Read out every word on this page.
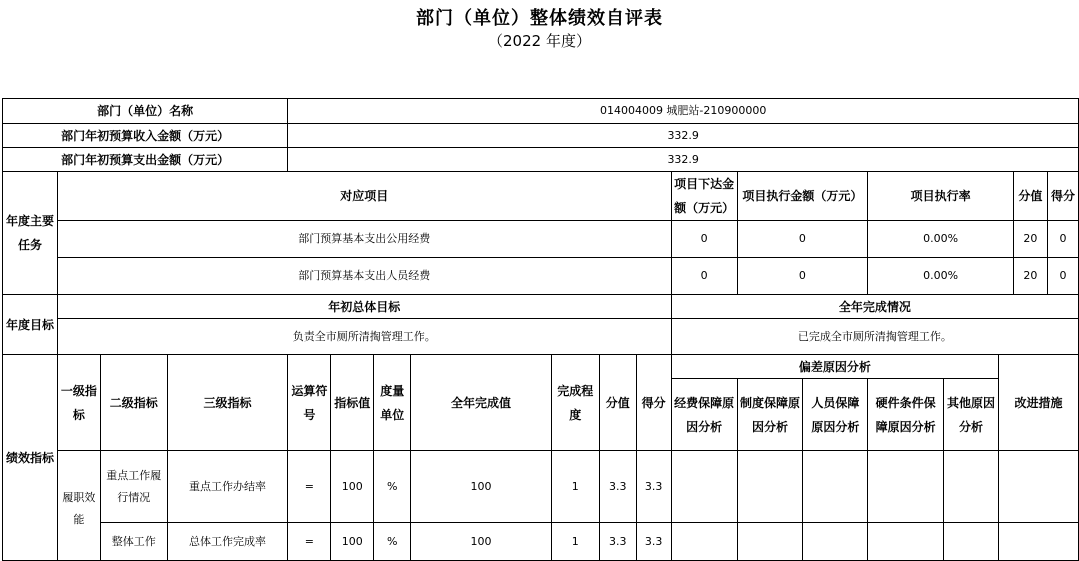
部门（单位）整体绩效自评表
（2022 年度）
部门（单位）名称				014004009 城肥站-210900000														
部门年初预算收入金额（万元）				332.9														
部门年初预算支出金额（万元）				332.9														
年度主要任务	对应项目										项目下达金额（万元）	项目执行金额（万元）		项目执行率			分值	得分
	部门预算基本支出公用经费										0	0		0.00%			20	0
	部门预算基本支出人员经费										0	0		0.00%			20	0
年度目标	年初总体目标										全年完成情况							
	负责全市厕所清掏管理工作。										已完成全市厕所清掏管理工作。							
绩效指标	一级指标	二级指标	三级指标	运算符号	指标值	度量单位	全年完成值	完成程度	分值	得分	偏差原因分析					改进措施		
											经费保障原因分析	制度保障原因分析	人员保障原因分析	硬件条件保障原因分析	其他原因分析			
	履职效能	重点工作履行情况	重点工作办结率	=	100	%	100	1	3.3	3.3								
		整体工作	总体工作完成率	=	100	%	100	1	3.3	3.3								
